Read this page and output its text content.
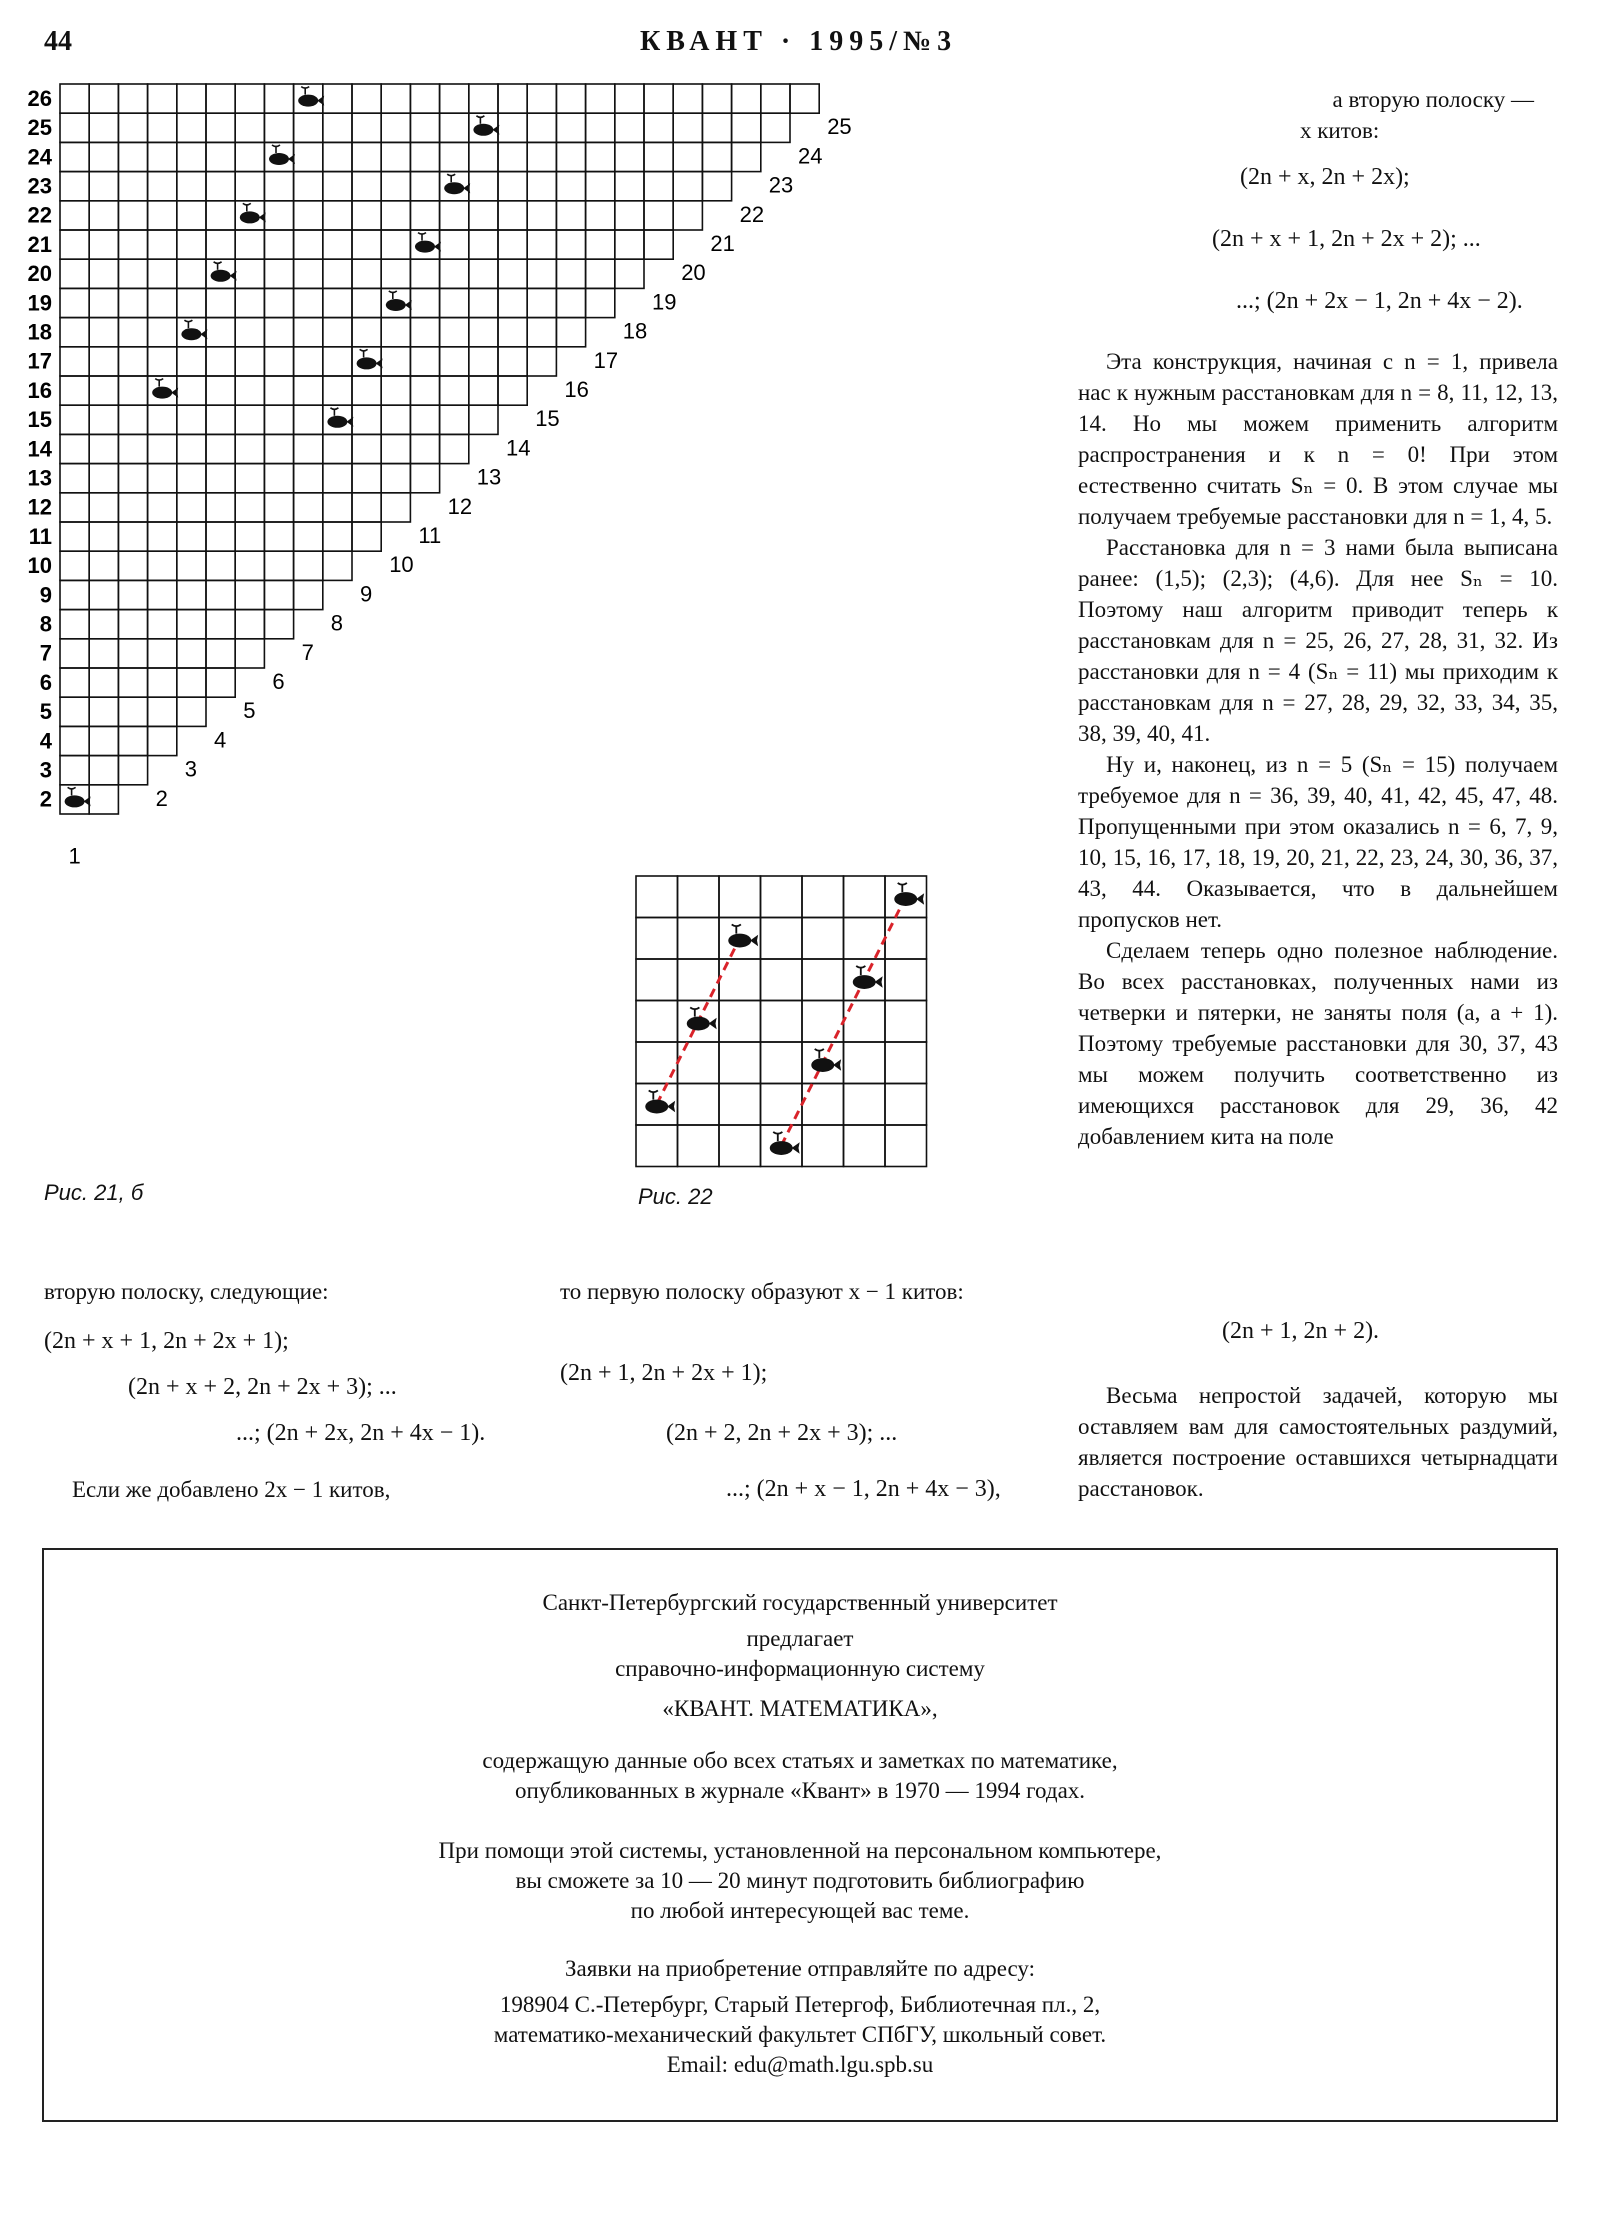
44	КВАНТ · 1995/№3
26
25
24
23
22
21
20
19
18
17
16
15
14
13
12
11
10
9
8
7
6
5
4
3
2
25
24
23
22
21
20
19
18
17
16
15
14
13
12
11
10
9
8
7
6
5
4
3
2
1
Рис. 21, б	Рис. 22
а вторую полоску —
x китов:
(2n + x, 2n + 2x);
(2n + x + 1, 2n + 2x + 2); ...
...; (2n + 2x − 1, 2n + 4x − 2).

Эта конструкция, начиная с n = 1, привела нас к нужным расстановкам для n = 8, 11, 12, 13, 14. Но мы можем применить алгоритм распространения и к n = 0! При этом естественно считать Sₙ = 0. В этом случае мы получаем требуемые расстановки для n = 1, 4, 5.

Расстановка для n = 3 нами была выписана ранее: (1,5); (2,3); (4,6). Для нее Sₙ = 10. Поэтому наш алгоритм приводит теперь к расстановкам для n = 25, 26, 27, 28, 31, 32. Из расстановки для n = 4 (Sₙ = 11) мы приходим к расстановкам для n = 27, 28, 29, 32, 33, 34, 35, 38, 39, 40, 41.

Ну и, наконец, из n = 5 (Sₙ = 15) получаем требуемое для n = 36, 39, 40, 41, 42, 45, 47, 48. Пропущенными при этом оказались n = 6, 7, 9, 10, 15, 16, 17, 18, 19, 20, 21, 22, 23, 24, 30, 36, 37, 43, 44. Оказывается, что в дальнейшем пропусков нет.

Сделаем теперь одно полезное наблюдение. Во всех расстановках, полученных нами из четверки и пятерки, не заняты поля (a, a + 1). Поэтому требуемые расстановки для 30, 37, 43 мы можем получить соответственно из имеющихся расстановок для 29, 36, 42 добавлением кита на поле

(2n + 1, 2n + 2).

Весьма непростой задачей, которую мы оставляем вам для самостоятельных раздумий, является построение оставшихся четырнадцати расстановок.

вторую полоску, следующие:

(2n + x + 1, 2n + 2x + 1);
(2n + x + 2, 2n + 2x + 3); ...
...; (2n + 2x, 2n + 4x − 1).

Если же добавлено 2x − 1 китов,

то первую полоску образуют x − 1 китов:

(2n + 1, 2n + 2x + 1);
(2n + 2, 2n + 2x + 3); ...
...; (2n + x − 1, 2n + 4x − 3),
Санкт-Петербургский государственный университет
предлагает
справочно-информационную систему
«КВАНТ. МАТЕМАТИКА»,
содержащую данные обо всех статьях и заметках по математике,
опубликованных в журнале «Квант» в 1970 — 1994 годах.
При помощи этой системы, установленной на персональном компьютере,
вы сможете за 10 — 20 минут подготовить библиографию
по любой интересующей вас теме.
Заявки на приобретение отправляйте по адресу:
198904 С.-Петербург, Старый Петергоф, Библиотечная пл., 2,
математико-механический факультет СПбГУ, школьный совет.
Email: edu@math.lgu.spb.su
